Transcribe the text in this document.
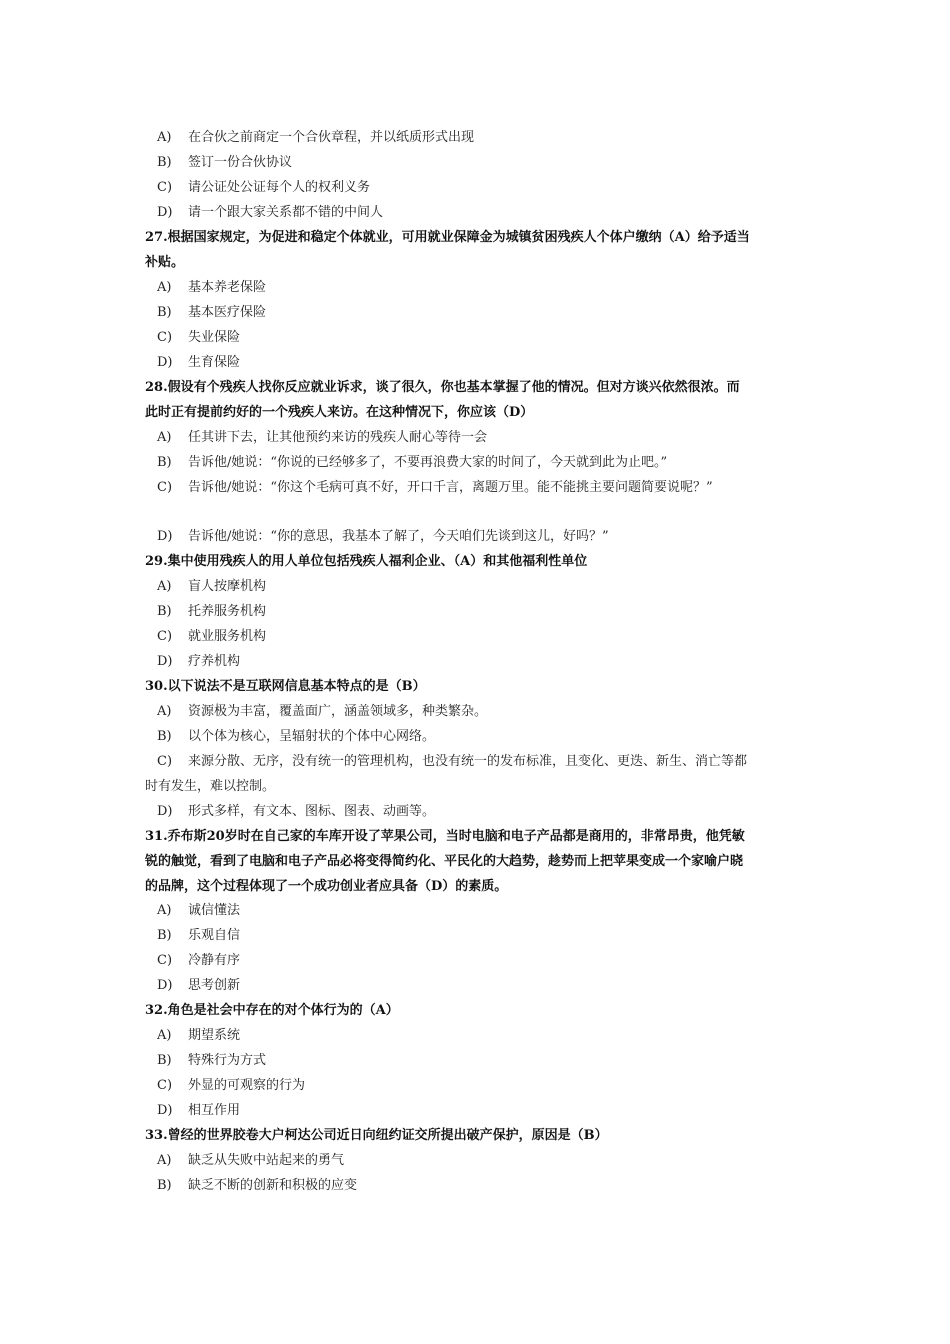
A) 在合伙之前商定一个合伙章程，并以纸质形式出现
B) 签订一份合伙协议
C) 请公证处公证每个人的权利义务
D) 请一个跟大家关系都不错的中间人
27.根据国家规定，为促进和稳定个体就业，可用就业保障金为城镇贫困残疾人个体户缴纳（A）给予适当
补贴。
A) 基本养老保险
B) 基本医疗保险
C) 失业保险
D) 生育保险
28.假设有个残疾人找你反应就业诉求，谈了很久，你也基本掌握了他的情况。但对方谈兴依然很浓。而
此时正有提前约好的一个残疾人来访。在这种情况下，你应该（D）
A) 任其讲下去，让其他预约来访的残疾人耐心等待一会
B) 告诉他/她说：“你说的已经够多了，不要再浪费大家的时间了，今天就到此为止吧。”
C) 告诉他/她说：“你这个毛病可真不好，开口千言，离题万里。能不能挑主要问题简要说呢？”
D) 告诉他/她说：“你的意思，我基本了解了，今天咱们先谈到这儿，好吗？”
29.集中使用残疾人的用人单位包括残疾人福利企业、（A）和其他福利性单位
A) 盲人按摩机构
B) 托养服务机构
C) 就业服务机构
D) 疗养机构
30.以下说法不是互联网信息基本特点的是（B）
A) 资源极为丰富，覆盖面广，涵盖领域多，种类繁杂。
B) 以个体为核心，呈辐射状的个体中心网络。
C) 来源分散、无序，没有统一的管理机构，也没有统一的发布标准，且变化、更迭、新生、消亡等都
时有发生，难以控制。
D) 形式多样，有文本、图标、图表、动画等。
31.乔布斯20岁时在自己家的车库开设了苹果公司，当时电脑和电子产品都是商用的，非常昂贵，他凭敏
锐的触觉，看到了电脑和电子产品必将变得简约化、平民化的大趋势，趁势而上把苹果变成一个家喻户晓
的品牌，这个过程体现了一个成功创业者应具备（D）的素质。
A) 诚信懂法
B) 乐观自信
C) 冷静有序
D) 思考创新
32.角色是社会中存在的对个体行为的（A）
A) 期望系统
B) 特殊行为方式
C) 外显的可观察的行为
D) 相互作用
33.曾经的世界胶卷大户柯达公司近日向纽约证交所提出破产保护，原因是（B）
A) 缺乏从失败中站起来的勇气
B) 缺乏不断的创新和积极的应变
